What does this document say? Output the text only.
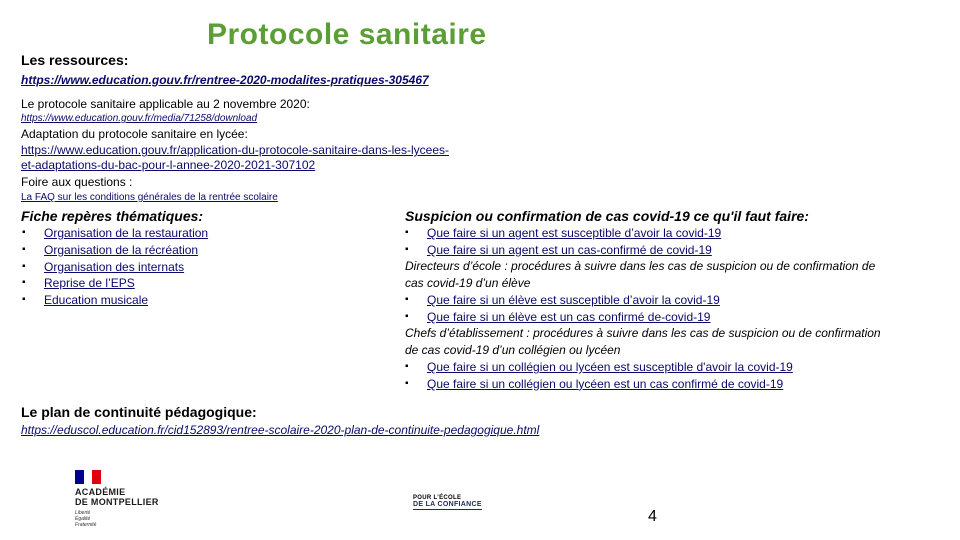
Protocole sanitaire
Les ressources:
https://www.education.gouv.fr/rentree-2020-modalites-pratiques-305467
Le protocole sanitaire applicable au 2 novembre 2020:
https://www.education.gouv.fr/media/71258/download
Adaptation du protocole sanitaire en lycée:
https://www.education.gouv.fr/application-du-protocole-sanitaire-dans-les-lycees-
et-adaptations-du-bac-pour-l-annee-2020-2021-307102
Foire aux questions :
La FAQ sur les conditions générales de la rentrée scolaire
Fiche repères thématiques:
▪ Organisation de la restauration
▪ Organisation de la récréation
▪ Organisation des internats
▪ Reprise de l’EPS
▪ Education musicale
Suspicion ou confirmation de cas covid-19 ce qu'il faut faire:
▪ Que faire si un agent est susceptible d’avoir la covid-19
▪ Que faire si un agent est un cas-confirmé de covid-19
Directeurs d’école : procédures à suivre dans les cas de suspicion ou de confirmation de
cas covid-19 d’un élève
▪ Que faire si un élève est susceptible d’avoir la covid-19
▪ Que faire si un élève est un cas confirmé de-covid-19
Chefs d’établissement : procédures à suivre dans les cas de suspicion ou de confirmation
de cas covid-19 d’un collégien ou lycéen
▪ Que faire si un collégien ou lycéen est susceptible d'avoir la covid-19
▪ Que faire si un collégien ou lycéen est un cas confirmé de covid-19
Le plan de continuité pédagogique:
https://eduscol.education.fr/cid152893/rentree-scolaire-2020-plan-de-continuite-pedagogique.html
ACADÉMIE
DE MONTPELLIER
Liberté
Égalité
Fraternité
POUR L’ÉCOLE
DE LA CONFIANCE
4
